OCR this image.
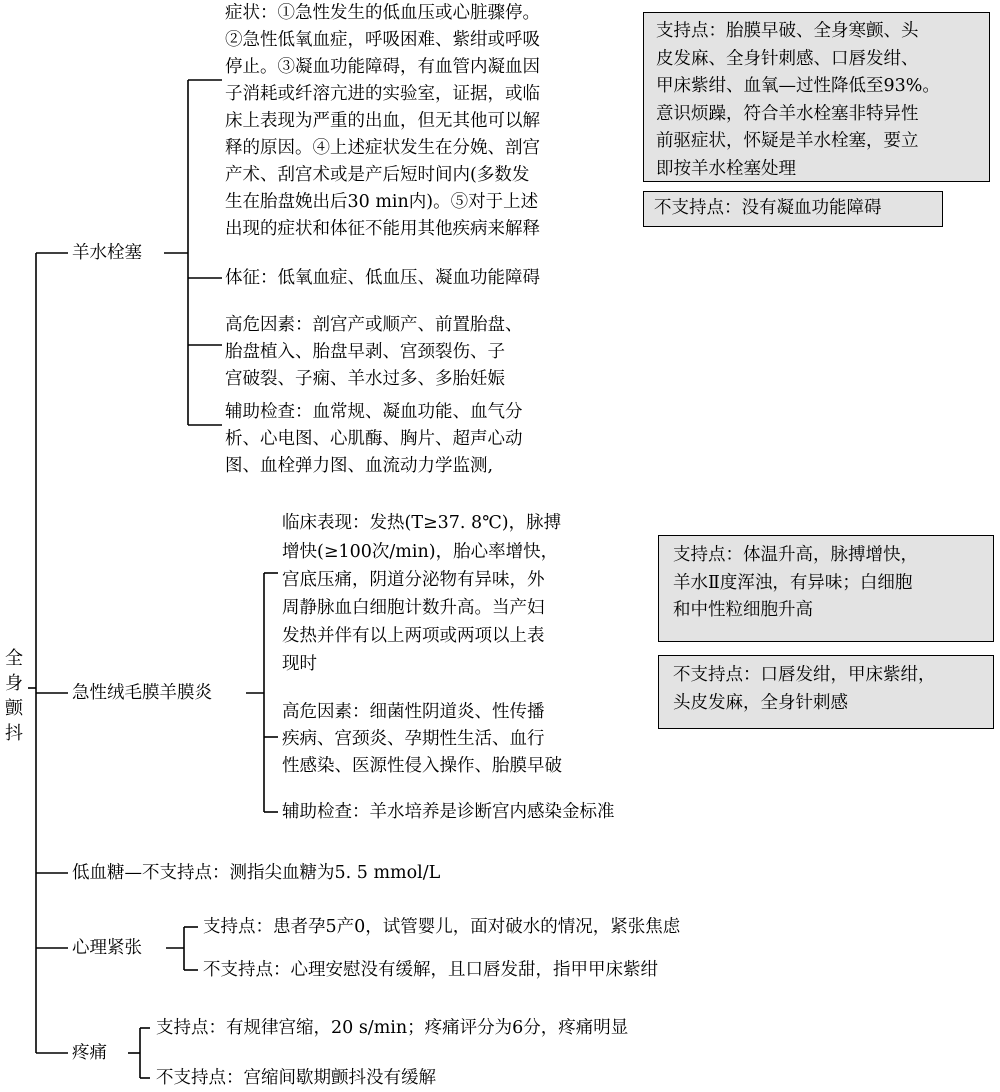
全身颤抖
羊水栓塞
症状：①急性发生的低血压或心脏骤停。
②急性低氧血症，呼吸困难、紫绀或呼吸
停止。③凝血功能障碍，有血管内凝血因
子消耗或纤溶亢进的实验室，证据，或临
床上表现为严重的出血，但无其他可以解
释的原因。④上述症状发生在分娩、剖宫
产术、刮宫术或是产后短时间内(多数发
生在胎盘娩出后30 min内)。⑤对于上述
出现的症状和体征不能用其他疾病来解释
体征：低氧血症、低血压、凝血功能障碍
高危因素：剖宫产或顺产、前置胎盘、
胎盘植入、胎盘早剥、宫颈裂伤、子
宫破裂、子痫、羊水过多、多胎妊娠
辅助检查：血常规、凝血功能、血气分
析、心电图、心肌酶、胸片、超声心动
图、血栓弹力图、血流动力学监测,
支持点：胎膜早破、全身寒颤、头
皮发麻、全身针刺感、口唇发绀、
甲床紫绀、血氧—过性降低至93%。
意识烦躁，符合羊水栓塞非特异性
前驱症状，怀疑是羊水栓塞，要立
即按羊水栓塞处理
不支持点：没有凝血功能障碍
急性绒毛膜羊膜炎
临床表现：发热(T≥37. 8℃)，脉搏
增快(≥100次/min)，胎心率增快，
宫底压痛，阴道分泌物有异味，外
周静脉血白细胞计数升高。当产妇
发热并伴有以上两项或两项以上表
现时
高危因素：细菌性阴道炎、性传播
疾病、宫颈炎、孕期性生活、血行
性感染、医源性侵入操作、胎膜早破
辅助检查：羊水培养是诊断宫内感染金标准
支持点：体温升高，脉搏增快，
羊水Ⅱ度浑浊，有异味；白细胞
和中性粒细胞升高
不支持点：口唇发绀，甲床紫绀，
头皮发麻，全身针刺感
低血糖—不支持点：测指尖血糖为5. 5 mmol/L
心理紧张
支持点：患者孕5产0，试管婴儿，面对破水的情况，紧张焦虑
不支持点：心理安慰没有缓解，且口唇发甜，指甲甲床紫绀
疼痛
支持点：有规律宫缩，20 s/min；疼痛评分为6分，疼痛明显
不支持点：宫缩间歇期颤抖没有缓解
